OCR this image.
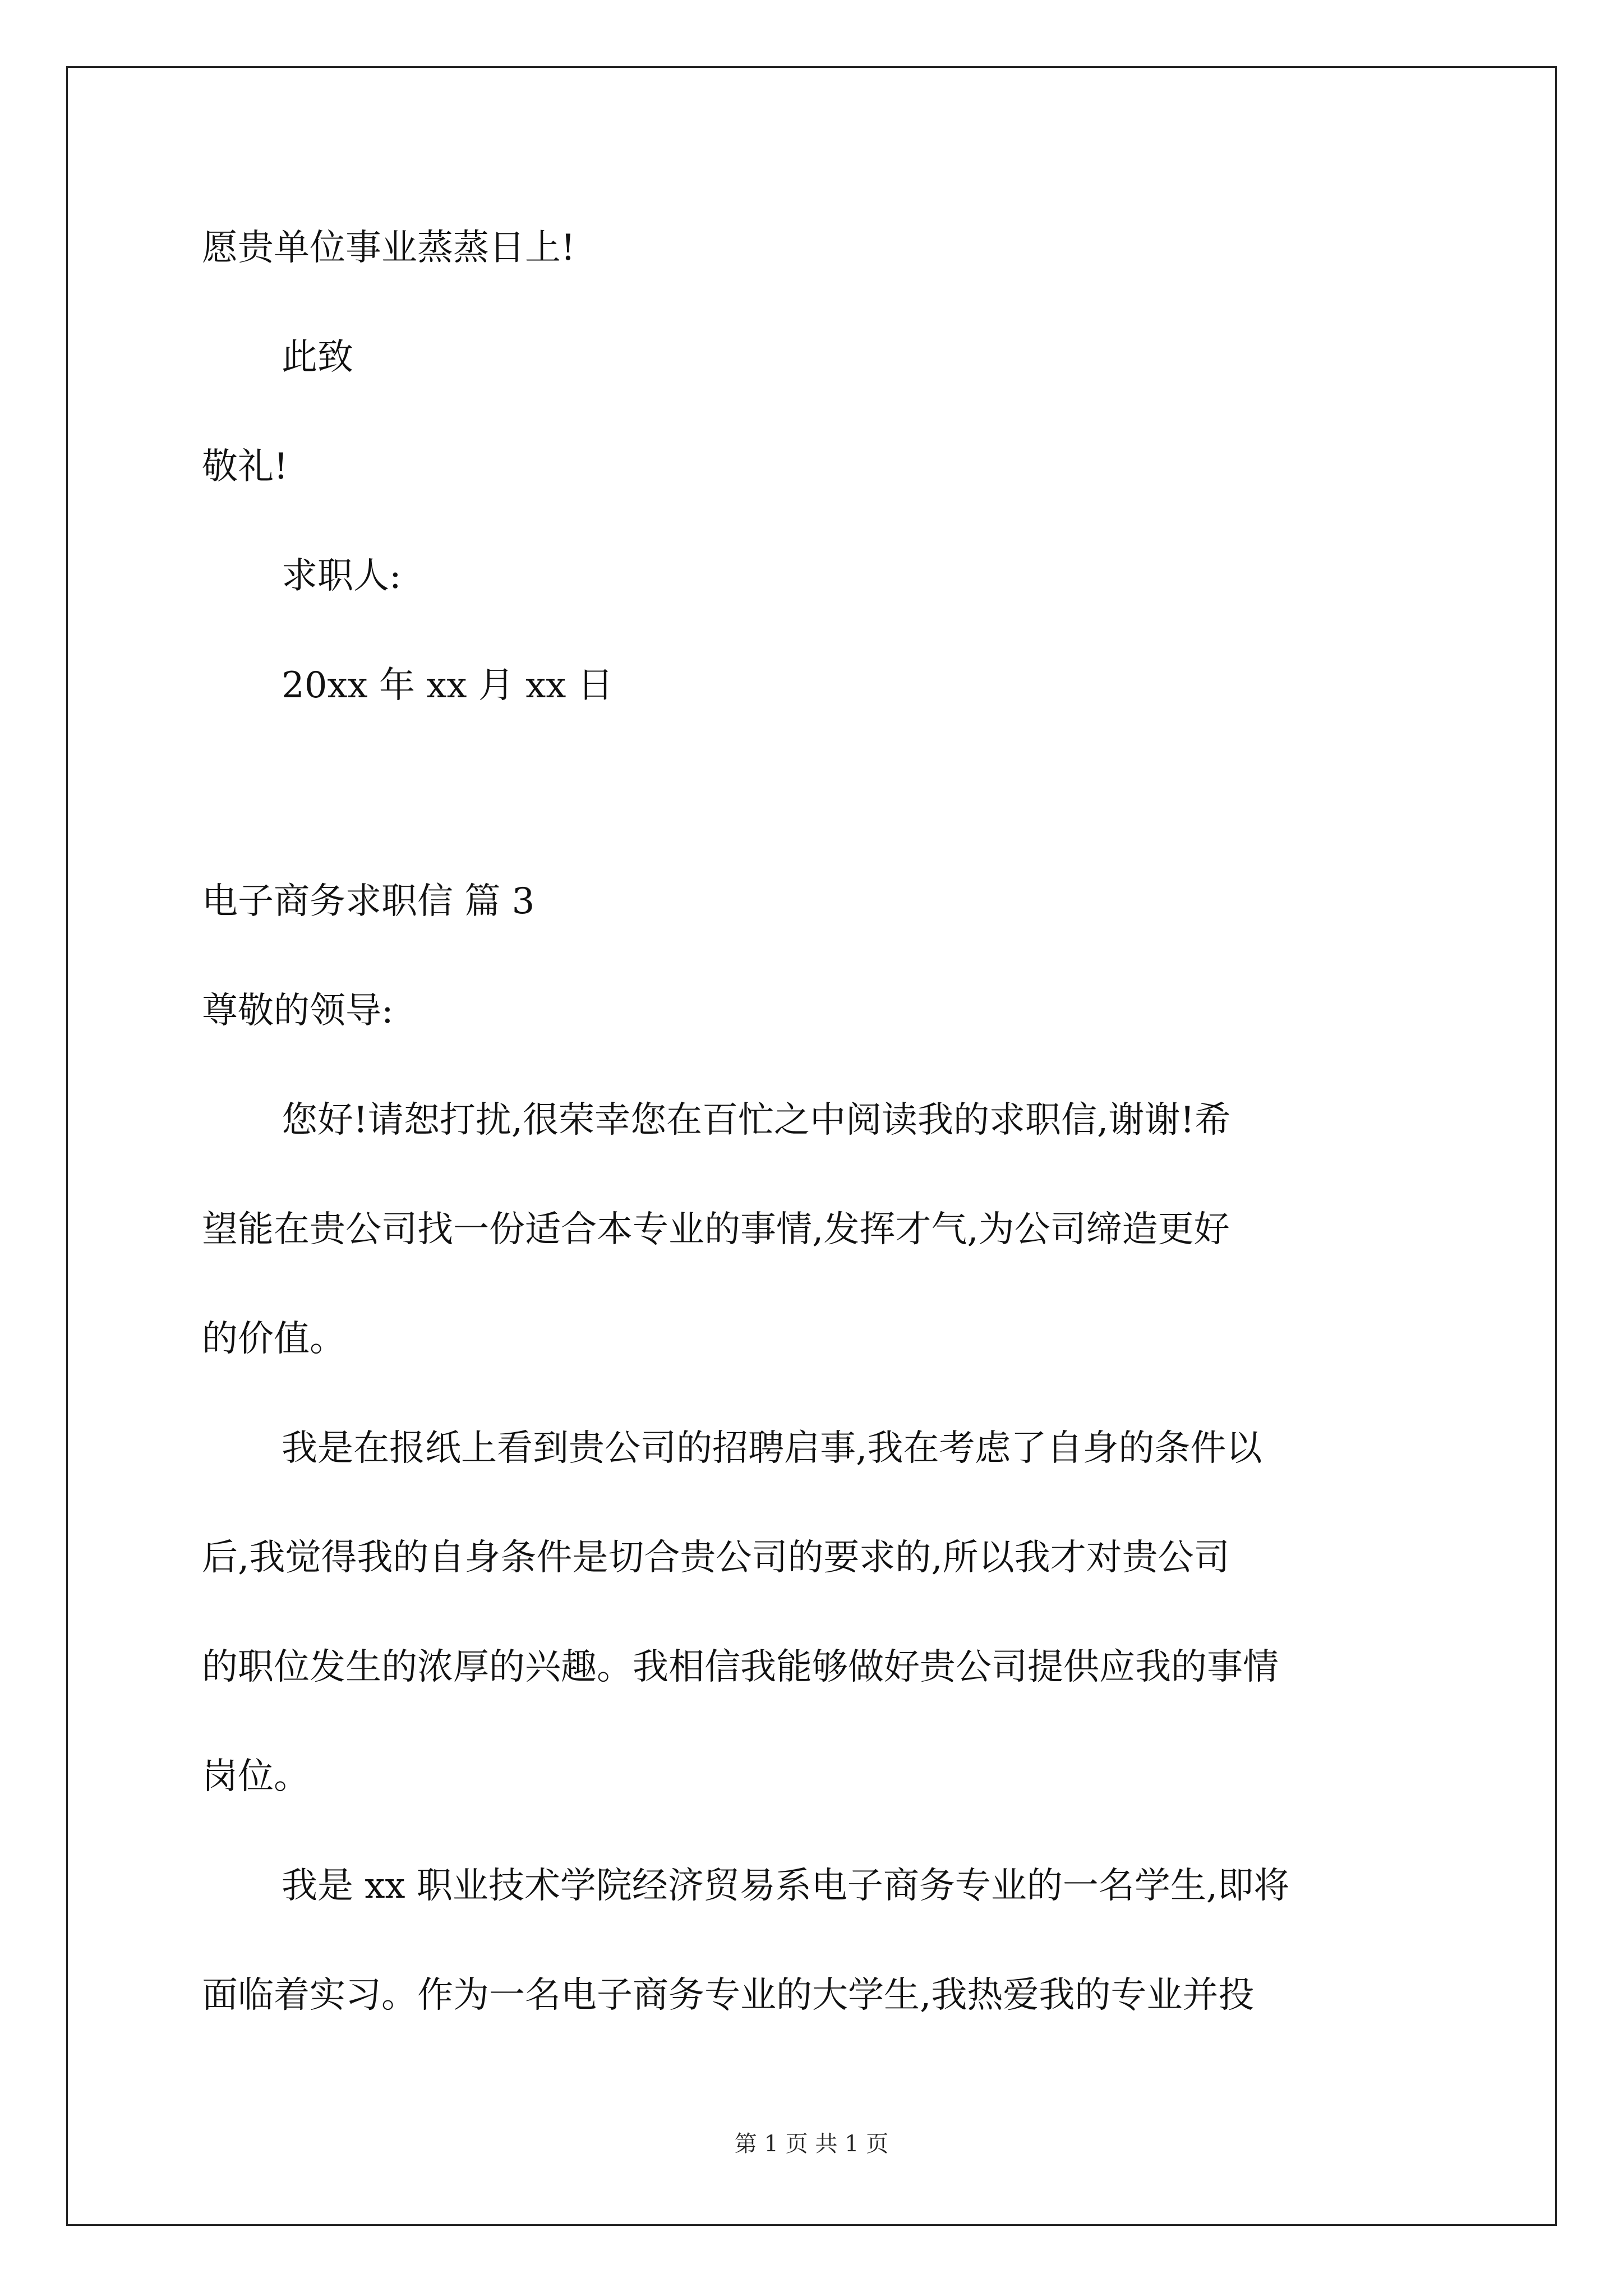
愿贵单位事业蒸蒸日上!
此致
敬礼!
求职人:
20xx 年 xx 月 xx 日
电子商务求职信 篇 3
尊敬的领导:
您好!请恕打扰,很荣幸您在百忙之中阅读我的求职信,谢谢!希
望能在贵公司找一份适合本专业的事情,发挥才气,为公司缔造更好
的价值。
我是在报纸上看到贵公司的招聘启事,我在考虑了自身的条件以
后,我觉得我的自身条件是切合贵公司的要求的,所以我才对贵公司
的职位发生的浓厚的兴趣。我相信我能够做好贵公司提供应我的事情
岗位。
我是 xx 职业技术学院经济贸易系电子商务专业的一名学生,即将
面临着实习。作为一名电子商务专业的大学生,我热爱我的专业并投
第 1 页 共 1 页
